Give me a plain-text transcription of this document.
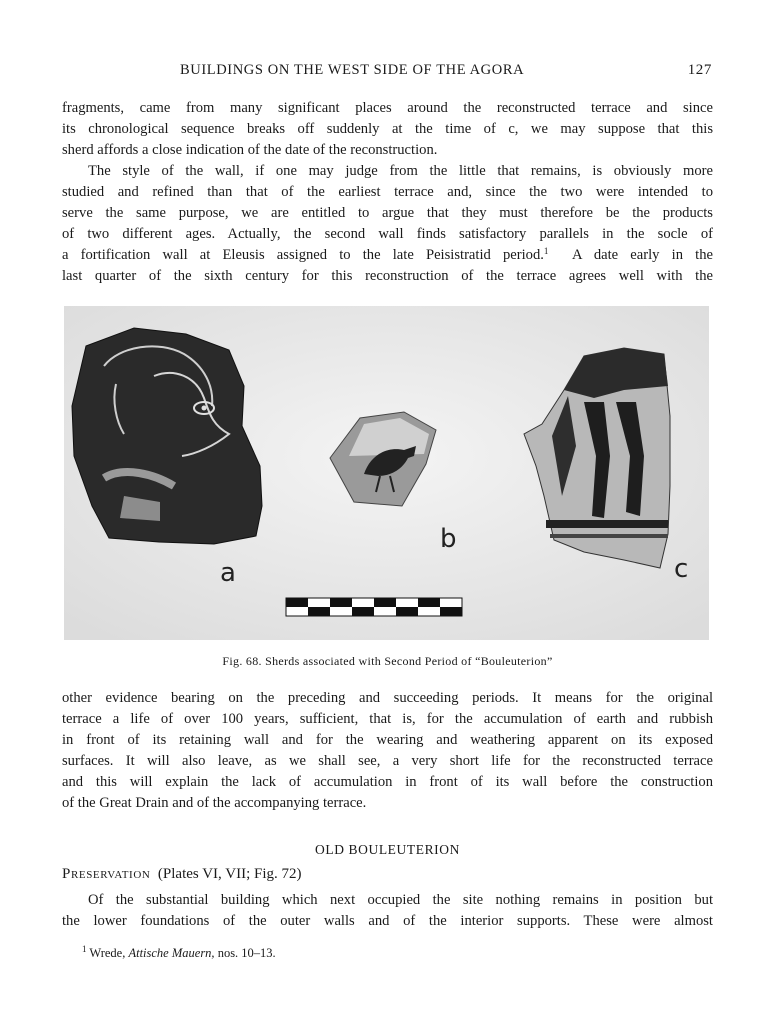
BUILDINGS ON THE WEST SIDE OF THE AGORA	127

fragments, came from many significant places around the reconstructed terrace and since
its chronological sequence breaks off suddenly at the time of c, we may suppose that this
sherd affords a close indication of the date of the reconstruction.

The style of the wall, if one may judge from the little that remains, is obviously more
studied and refined than that of the earliest terrace and, since the two were intended to
serve the same purpose, we are entitled to argue that they must therefore be the products
of two different ages. Actually, the second wall finds satisfactory parallels in the socle of
a fortification wall at Eleusis assigned to the late Peisistratid period.$^1$  A date early in the
last quarter of the sixth century for this reconstruction of the terrace agrees well with the

a
b
c
Fig. 68. Sherds associated with Second Period of “Bouleuterion”

other evidence bearing on the preceding and succeeding periods. It means for the original
terrace a life of over 100 years, sufficient, that is, for the accumulation of earth and rubbish
in front of its retaining wall and for the wearing and weathering apparent on its exposed
surfaces. It will also leave, as we shall see, a very short life for the reconstructed terrace
and this will explain the lack of accumulation in front of its wall before the construction
of the Great Drain and of the accompanying terrace.

OLD BOULEUTERION
Preservation (Plates VI, VII; Fig. 72)

Of the substantial building which next occupied the site nothing remains in position but
the lower foundations of the outer walls and of the interior supports. These were almost

$^1$ Wrede, Attische Mauern, nos. 10–13.
